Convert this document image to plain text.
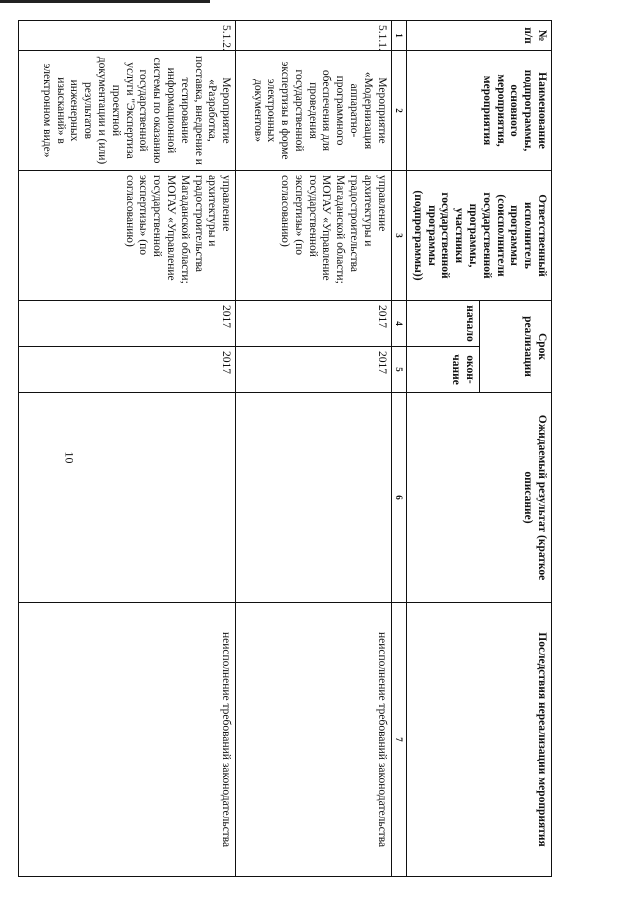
10
№ п/п	Наименование подпрограммы, основного мероприятия, мероприятия	Ответственный исполнитель программы (соисполнители государственной программы, участники государственной программы (подпрограммы))	Срок реализации		Ожидаемый результат (краткое описание)	Последствия нереализации мероприятия
			начало	окон-чание		
1	2	3	4	5	6	7
5.1.1.	Мероприятие «Модернизация аппаратно-программного обеспечения для проведения государственной экспертизы в форме электронных документов»	управление архитектуры и градостроительства Магаданской области; МОГАУ «Управление государственной экспертизы» (по согласованию)	2017	2017		неисполнение требований законодательства
5.1.2.	Мероприятие «Разработка, поставка, внедрение и тестирование информационной системы по оказанию государственной услуги "Экспертиза проектной документации и (или) результатов инженерных изысканий» в электронном виде»	управление архитектуры и градостроительства Магаданской области; МОГАУ «Управление государственной экспертизы» (по согласованию)	2017	2017		неисполнение требований законодательства
